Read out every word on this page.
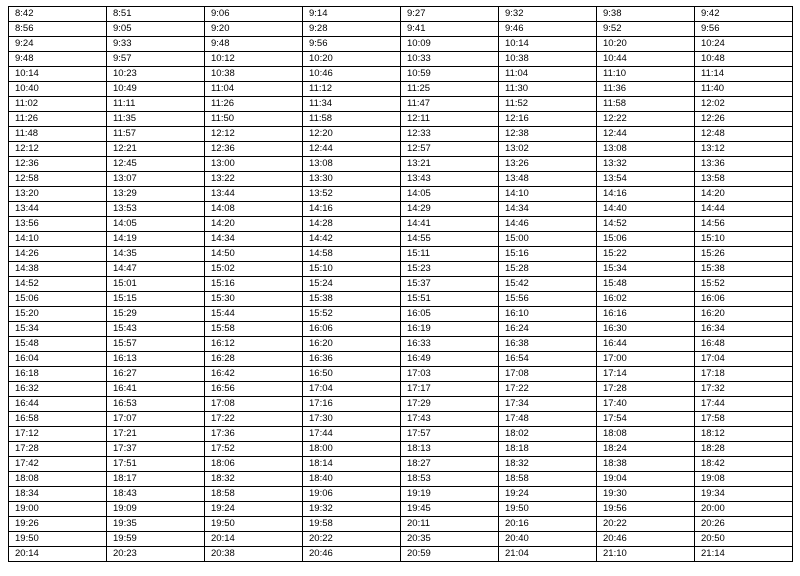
8:42	8:51	9:06	9:14	9:27	9:32	9:38	9:42
8:56	9:05	9:20	9:28	9:41	9:46	9:52	9:56
9:24	9:33	9:48	9:56	10:09	10:14	10:20	10:24
9:48	9:57	10:12	10:20	10:33	10:38	10:44	10:48
10:14	10:23	10:38	10:46	10:59	11:04	11:10	11:14
10:40	10:49	11:04	11:12	11:25	11:30	11:36	11:40
11:02	11:11	11:26	11:34	11:47	11:52	11:58	12:02
11:26	11:35	11:50	11:58	12:11	12:16	12:22	12:26
11:48	11:57	12:12	12:20	12:33	12:38	12:44	12:48
12:12	12:21	12:36	12:44	12:57	13:02	13:08	13:12
12:36	12:45	13:00	13:08	13:21	13:26	13:32	13:36
12:58	13:07	13:22	13:30	13:43	13:48	13:54	13:58
13:20	13:29	13:44	13:52	14:05	14:10	14:16	14:20
13:44	13:53	14:08	14:16	14:29	14:34	14:40	14:44
13:56	14:05	14:20	14:28	14:41	14:46	14:52	14:56
14:10	14:19	14:34	14:42	14:55	15:00	15:06	15:10
14:26	14:35	14:50	14:58	15:11	15:16	15:22	15:26
14:38	14:47	15:02	15:10	15:23	15:28	15:34	15:38
14:52	15:01	15:16	15:24	15:37	15:42	15:48	15:52
15:06	15:15	15:30	15:38	15:51	15:56	16:02	16:06
15:20	15:29	15:44	15:52	16:05	16:10	16:16	16:20
15:34	15:43	15:58	16:06	16:19	16:24	16:30	16:34
15:48	15:57	16:12	16:20	16:33	16:38	16:44	16:48
16:04	16:13	16:28	16:36	16:49	16:54	17:00	17:04
16:18	16:27	16:42	16:50	17:03	17:08	17:14	17:18
16:32	16:41	16:56	17:04	17:17	17:22	17:28	17:32
16:44	16:53	17:08	17:16	17:29	17:34	17:40	17:44
16:58	17:07	17:22	17:30	17:43	17:48	17:54	17:58
17:12	17:21	17:36	17:44	17:57	18:02	18:08	18:12
17:28	17:37	17:52	18:00	18:13	18:18	18:24	18:28
17:42	17:51	18:06	18:14	18:27	18:32	18:38	18:42
18:08	18:17	18:32	18:40	18:53	18:58	19:04	19:08
18:34	18:43	18:58	19:06	19:19	19:24	19:30	19:34
19:00	19:09	19:24	19:32	19:45	19:50	19:56	20:00
19:26	19:35	19:50	19:58	20:11	20:16	20:22	20:26
19:50	19:59	20:14	20:22	20:35	20:40	20:46	20:50
20:14	20:23	20:38	20:46	20:59	21:04	21:10	21:14
